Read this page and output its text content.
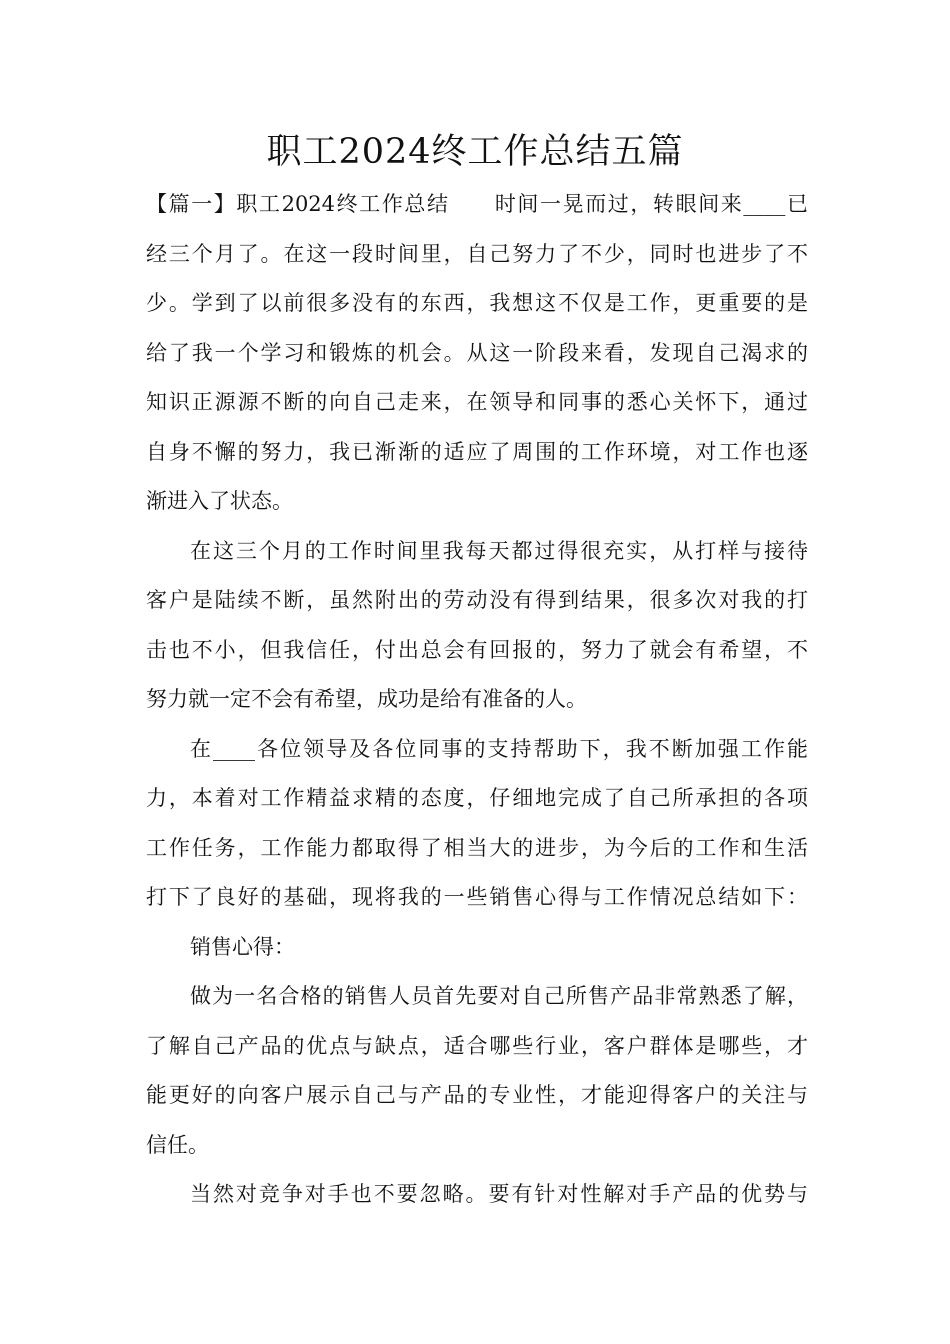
职工2024终工作总结五篇
【篇一】职工2024终工作总结　　时间一晃而过，转眼间来____已
经三个月了。在这一段时间里，自己努力了不少，同时也进步了不
少。学到了以前很多没有的东西，我想这不仅是工作，更重要的是
给了我一个学习和锻炼的机会。从这一阶段来看，发现自己渴求的
知识正源源不断的向自己走来，在领导和同事的悉心关怀下，通过
自身不懈的努力，我已渐渐的适应了周围的工作环境，对工作也逐
渐进入了状态。
在这三个月的工作时间里我每天都过得很充实，从打样与接待
客户是陆续不断，虽然附出的劳动没有得到结果，很多次对我的打
击也不小，但我信任，付出总会有回报的，努力了就会有希望，不
努力就一定不会有希望，成功是给有准备的人。
在____各位领导及各位同事的支持帮助下，我不断加强工作能
力，本着对工作精益求精的态度，仔细地完成了自己所承担的各项
工作任务，工作能力都取得了相当大的进步，为今后的工作和生活
打下了良好的基础，现将我的一些销售心得与工作情况总结如下：
销售心得：
做为一名合格的销售人员首先要对自己所售产品非常熟悉了解，
了解自己产品的优点与缺点，适合哪些行业，客户群体是哪些，才
能更好的向客户展示自己与产品的专业性，才能迎得客户的关注与
信任。
当然对竞争对手也不要忽略。要有针对性解对手产品的优势与
